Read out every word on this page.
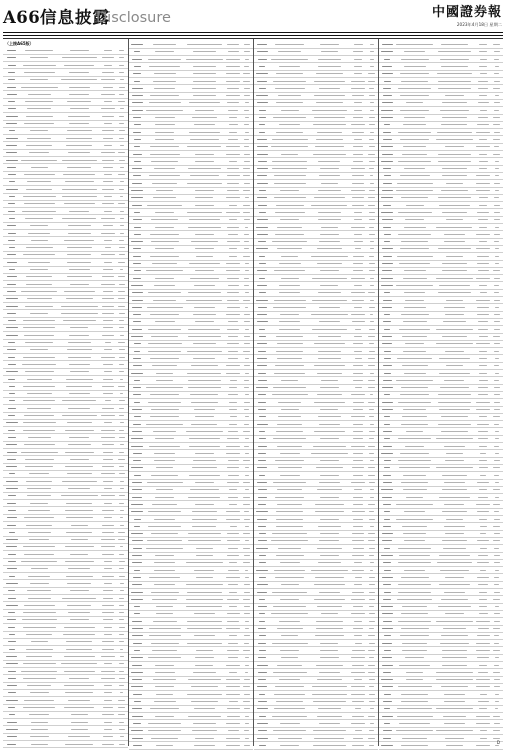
A66 信息披露
Disclosure	中國證券報
2023年4月18日 星期二
（上接A65版）
D
